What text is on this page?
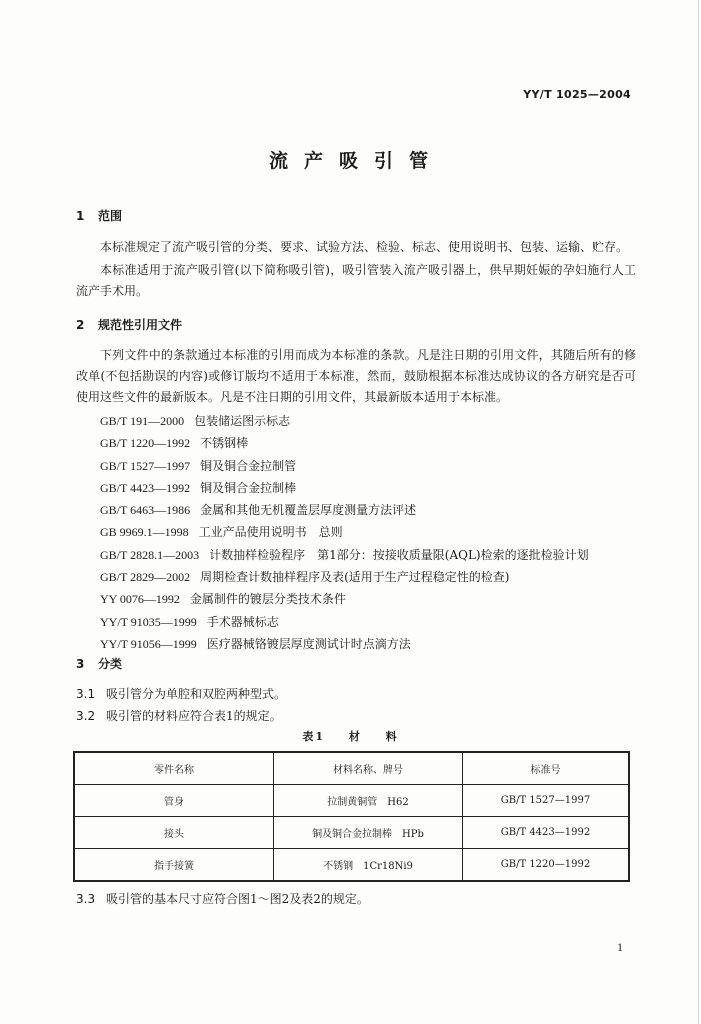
YY/T 1025—2004
流产吸引管
1 范围
本标准规定了流产吸引管的分类、要求、试验方法、检验、标志、使用说明书、包装、运输、贮存。
本标准适用于流产吸引管(以下简称吸引管)，吸引管装入流产吸引器上，供早期妊娠的孕妇施行人工流产手术用。
2 规范性引用文件
下列文件中的条款通过本标准的引用而成为本标准的条款。凡是注日期的引用文件，其随后所有的修改单(不包括勘误的内容)或修订版均不适用于本标准，然而，鼓励根据本标准达成协议的各方研究是否可使用这些文件的最新版本。凡是不注日期的引用文件，其最新版本适用于本标准。
GB/T 191—2000 包装储运图示标志
GB/T 1220—1992 不锈钢棒
GB/T 1527—1997 铜及铜合金拉制管
GB/T 4423—1992 铜及铜合金拉制棒
GB/T 6463—1986 金属和其他无机覆盖层厚度测量方法评述
GB 9969.1—1998 工业产品使用说明书　总则
GB/T 2828.1—2003 计数抽样检验程序　第1部分：按接收质量限(AQL)检索的逐批检验计划
GB/T 2829—2002 周期检查计数抽样程序及表(适用于生产过程稳定性的检查)
YY 0076—1992 金属制件的镀层分类技术条件
YY/T 91035—1999 手术器械标志
YY/T 91056—1999 医疗器械铬镀层厚度测试计时点滴方法
3 分类
3.1 吸引管分为单腔和双腔两种型式。
3.2 吸引管的材料应符合表1的规定。
表1 材 料
零件名称	材料名称、牌号	标准号
管身	拉制黄铜管　H62	GB/T 1527—1997
接头	铜及铜合金拉制棒　HPb	GB/T 4423—1992
指手接簧	不锈钢　1Cr18Ni9	GB/T 1220—1992
3.3 吸引管的基本尺寸应符合图1～图2及表2的规定。
1
